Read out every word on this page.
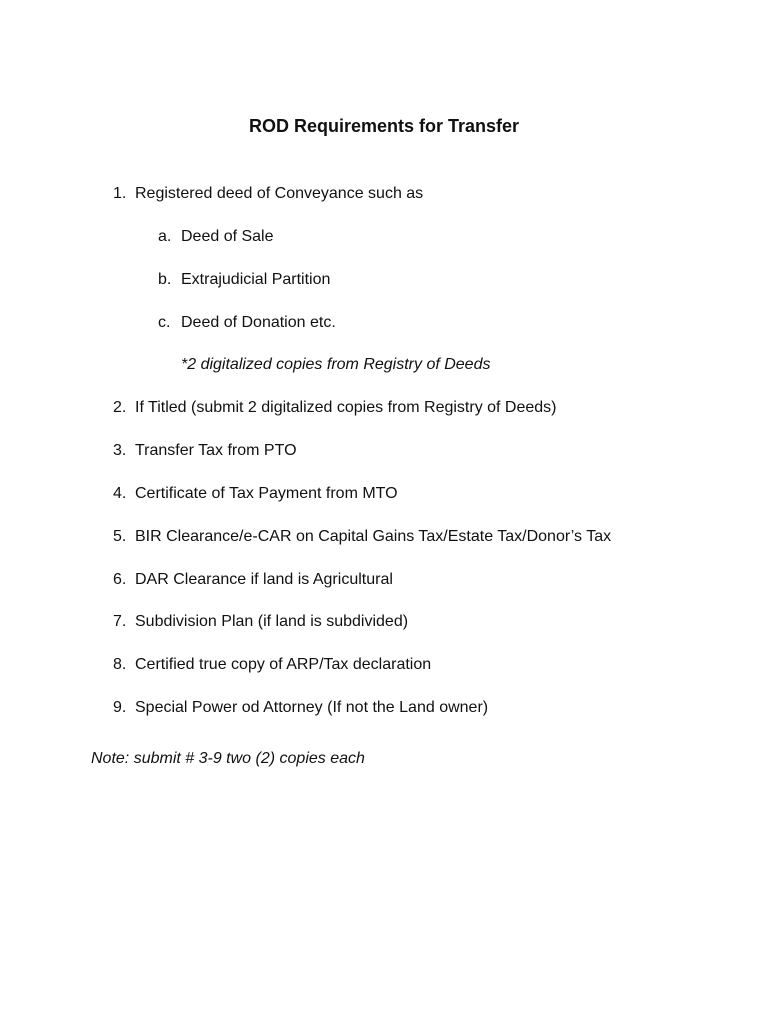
ROD Requirements for Transfer
1. Registered deed of Conveyance such as
a. Deed of Sale
b. Extrajudicial Partition
c. Deed of Donation etc.
*2 digitalized copies from Registry of Deeds
2. If Titled (submit 2 digitalized copies from Registry of Deeds)
3. Transfer Tax from PTO
4. Certificate of Tax Payment from MTO
5. BIR Clearance/e-CAR on Capital Gains Tax/Estate Tax/Donor’s Tax
6. DAR Clearance if land is Agricultural
7. Subdivision Plan (if land is subdivided)
8. Certified true copy of ARP/Tax declaration
9. Special Power od Attorney (If not the Land owner)
Note: submit # 3-9 two (2) copies each
